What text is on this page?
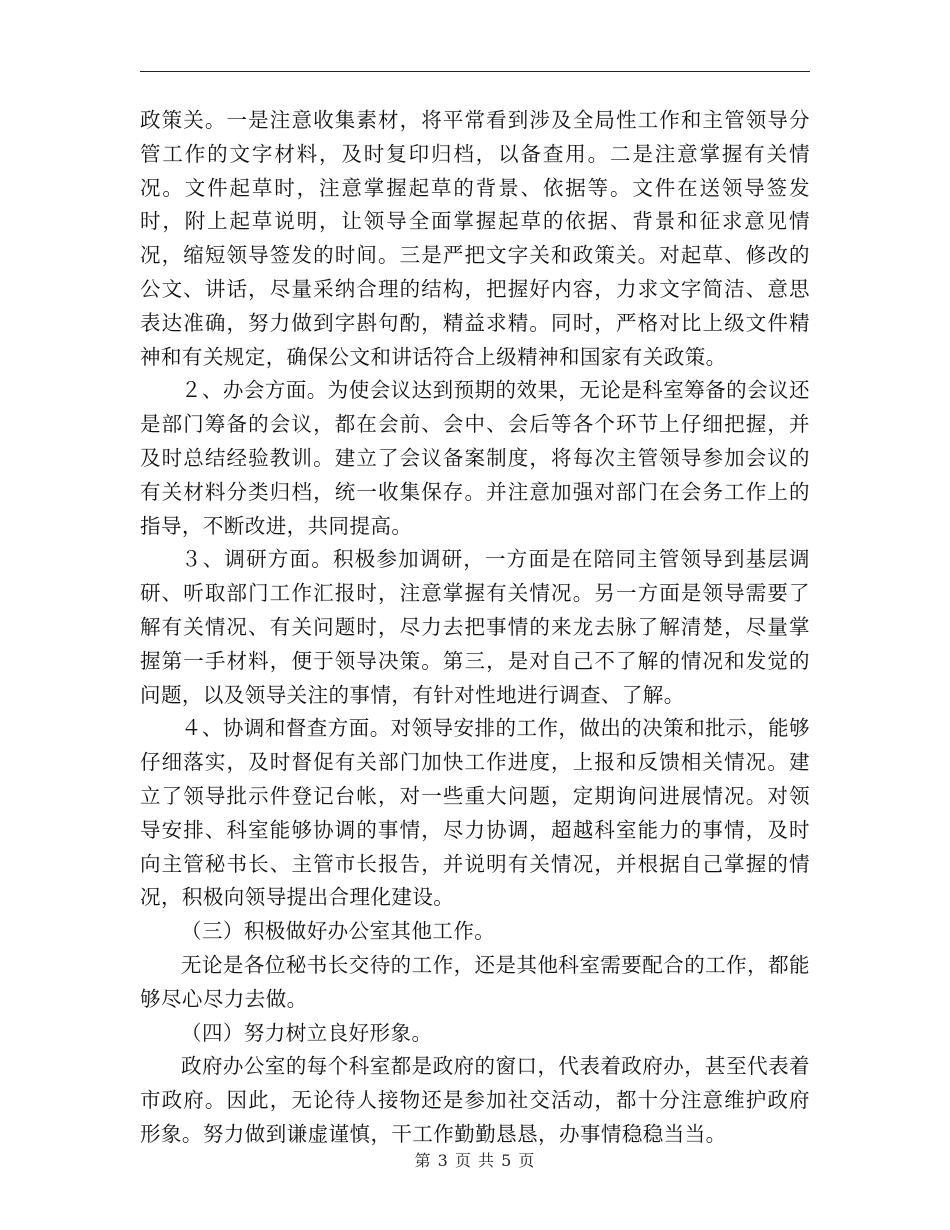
政策关。一是注意收集素材，将平常看到涉及全局性工作和主管领导分管工作的文字材料，及时复印归档，以备查用。二是注意掌握有关情况。文件起草时，注意掌握起草的背景、依据等。文件在送领导签发时，附上起草说明，让领导全面掌握起草的依据、背景和征求意见情况，缩短领导签发的时间。三是严把文字关和政策关。对起草、修改的公文、讲话，尽量采纳合理的结构，把握好内容，力求文字简洁、意思表达准确，努力做到字斟句酌，精益求精。同时，严格对比上级文件精神和有关规定，确保公文和讲话符合上级精神和国家有关政策。

２、办会方面。为使会议达到预期的效果，无论是科室筹备的会议还是部门筹备的会议，都在会前、会中、会后等各个环节上仔细把握，并及时总结经验教训。建立了会议备案制度，将每次主管领导参加会议的有关材料分类归档，统一收集保存。并注意加强对部门在会务工作上的指导，不断改进，共同提高。

３、调研方面。积极参加调研，一方面是在陪同主管领导到基层调研、听取部门工作汇报时，注意掌握有关情况。另一方面是领导需要了解有关情况、有关问题时，尽力去把事情的来龙去脉了解清楚，尽量掌握第一手材料，便于领导决策。第三，是对自己不了解的情况和发觉的问题，以及领导关注的事情，有针对性地进行调查、了解。

４、协调和督查方面。对领导安排的工作，做出的决策和批示，能够仔细落实，及时督促有关部门加快工作进度，上报和反馈相关情况。建立了领导批示件登记台帐，对一些重大问题，定期询问进展情况。对领导安排、科室能够协调的事情，尽力协调，超越科室能力的事情，及时向主管秘书长、主管市长报告，并说明有关情况，并根据自己掌握的情况，积极向领导提出合理化建设。

（三）积极做好办公室其他工作。

无论是各位秘书长交待的工作，还是其他科室需要配合的工作，都能够尽心尽力去做。

（四）努力树立良好形象。

政府办公室的每个科室都是政府的窗口，代表着政府办，甚至代表着市政府。因此，无论待人接物还是参加社交活动，都十分注意维护政府形象。努力做到谦虚谨慎，干工作勤勤恳恳，办事情稳稳当当。

第 3 页 共 5 页
